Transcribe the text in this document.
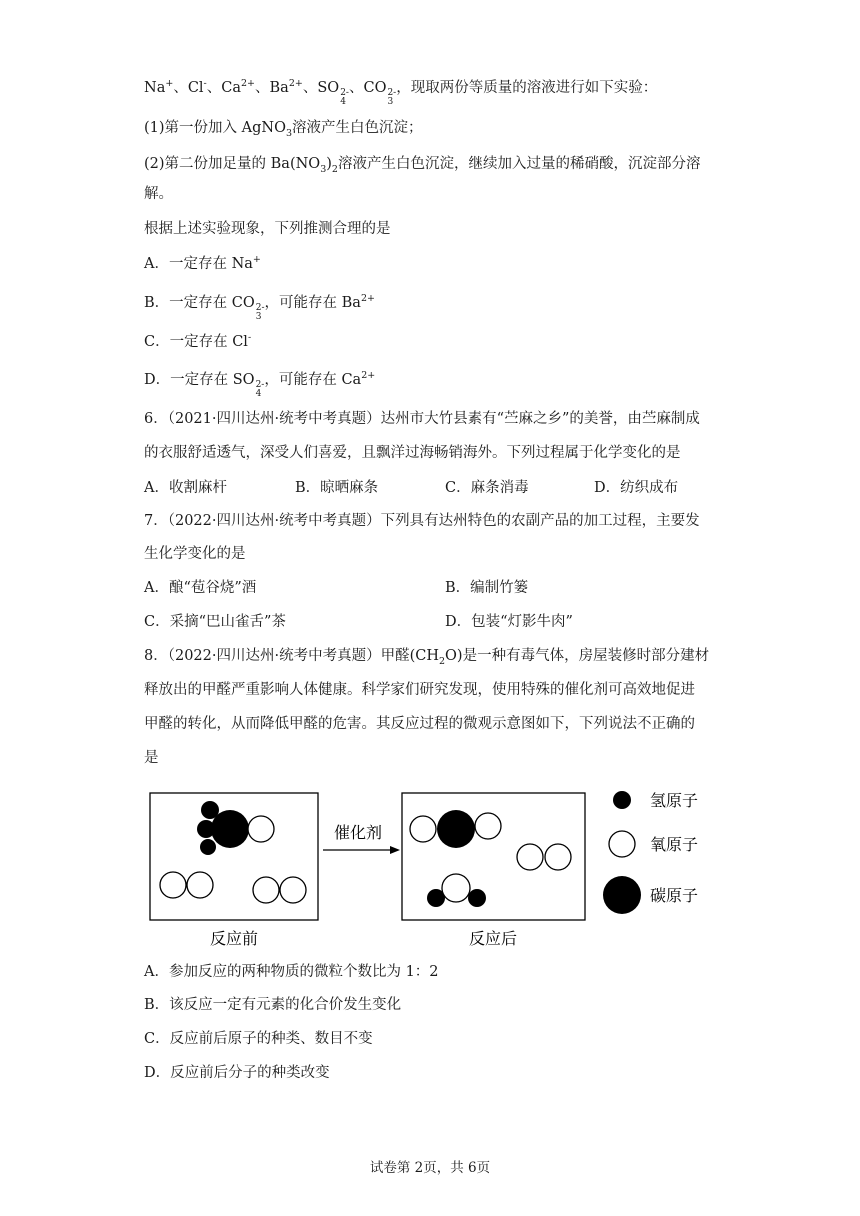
Na+、Cl-、$Ca^{2+}$、$Ba^{2+}$、SO 2-
4
、CO 2-
3
，现取两份等质量的溶液进行如下实验：
(1)第一份加入 AgNO$_3$溶液产生白色沉淀；
(2)第二份加足量的 $Ba(NO_3)_2$溶液产生白色沉淀，继续加入过量的稀硝酸，沉淀部分溶
解。
根据上述实验现象，下列推测合理的是
A．一定存在 Na+
B．一定存在 CO 2-
3
，可能存在 $Ba^{2+}$
C．一定存在 Cl-
D．一定存在 SO 2-
4
，可能存在 $Ca^{2+}$
6．（2021·四川达州·统考中考真题）达州市大竹县素有“苎麻之乡”的美誉，由苎麻制成
的衣服舒适透气，深受人们喜爱，且飘洋过海畅销海外。下列过程属于化学变化的是
A．收割麻杆	B．晾晒麻条	C．麻条消毒	D．纺织成布
7．（2022·四川达州·统考中考真题）下列具有达州特色的农副产品的加工过程，主要发
生化学变化的是
A．酿“苞谷烧”酒	B．编制竹篓
C．采摘“巴山雀舌”茶	D．包装“灯影牛肉”
8．（2022·四川达州·统考中考真题）甲醛$(CH_2O)$是一种有毒气体，房屋装修时部分建材
释放出的甲醛严重影响人体健康。科学家们研究发现，使用特殊的催化剂可高效地促进
甲醛的转化，从而降低甲醛的危害。其反应过程的微观示意图如下，下列说法不正确的
是
催化剂
反应前	反应后
氢原子
氧原子
碳原子
A．参加反应的两种物质的微粒个数比为 1：2
B．该反应一定有元素的化合价发生变化
C．反应前后原子的种类、数目不变
D．反应前后分子的种类改变
试卷第 2页，共 6页
